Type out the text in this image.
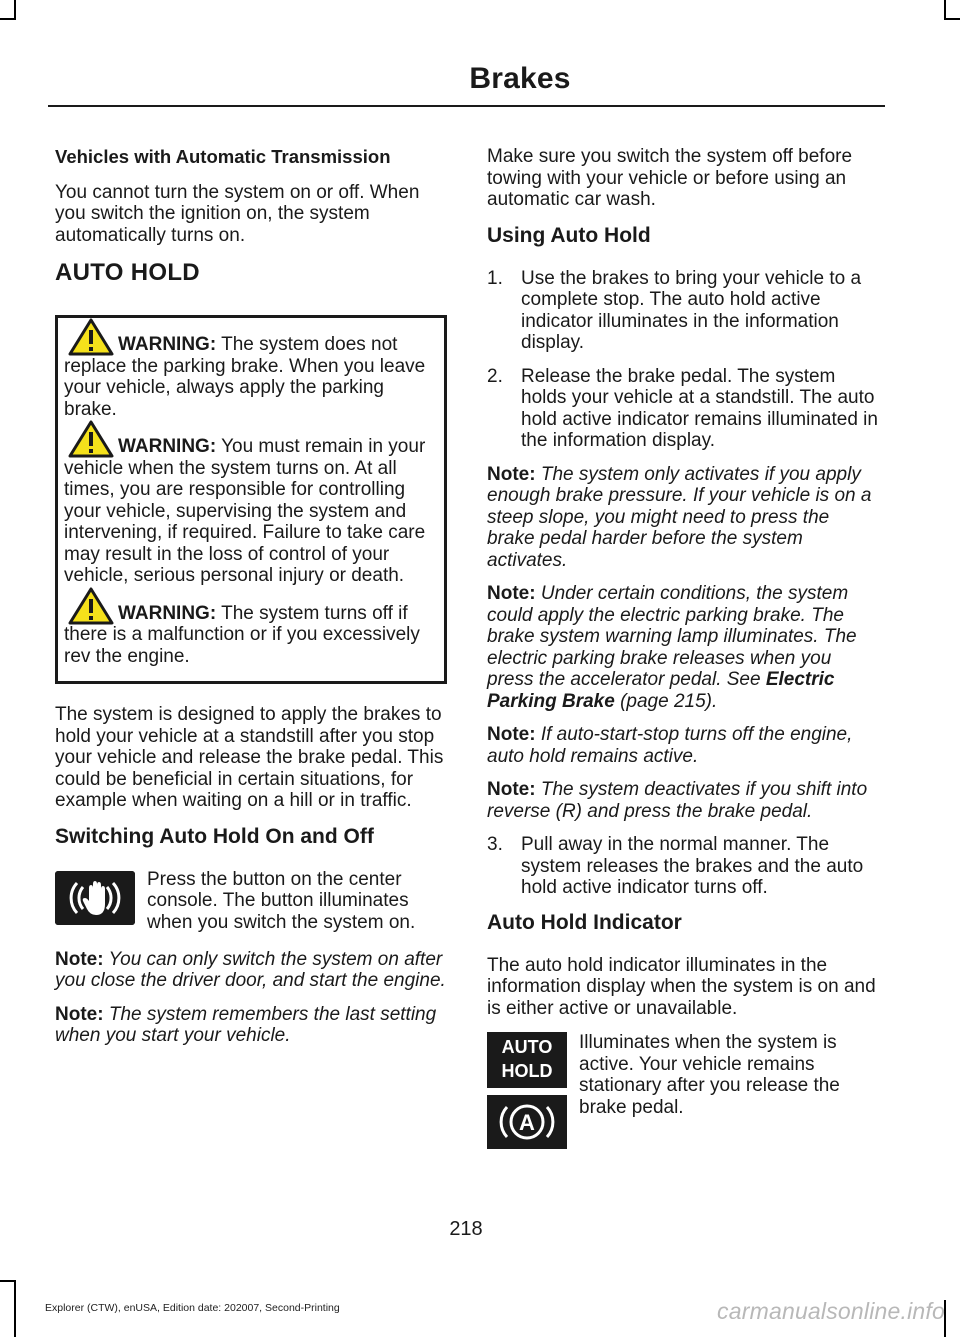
Brakes

Vehicles with Automatic Transmission

You cannot turn the system on or off. When you switch the ignition on, the system automatically turns on.

AUTO HOLD
WARNING: The system does not replace the parking brake. When you leave your vehicle, always apply the parking brake.
WARNING: You must remain in your vehicle when the system turns on. At all times, you are responsible for controlling your vehicle, supervising the system and intervening, if required. Failure to take care may result in the loss of control of your vehicle, serious personal injury or death.
WARNING: The system turns off if there is a malfunction or if you excessively rev the engine.

The system is designed to apply the brakes to hold your vehicle at a standstill after you stop your vehicle and release the brake pedal. This could be beneficial in certain situations, for example when waiting on a hill or in traffic.

Switching Auto Hold On and Off

Press the button on the center console. The button illuminates when you switch the system on.

Note: You can only switch the system on after you close the driver door, and start the engine.

Note: The system remembers the last setting when you start your vehicle.

Make sure you switch the system off before towing with your vehicle or before using an automatic car wash.

Using Auto Hold
1. Use the brakes to bring your vehicle to a complete stop. The auto hold active indicator illuminates in the information display.
2. Release the brake pedal. The system holds your vehicle at a standstill. The auto hold active indicator remains illuminated in the information display.

Note: The system only activates if you apply enough brake pressure. If your vehicle is on a steep slope, you might need to press the brake pedal harder before the system activates.

Note: Under certain conditions, the system could apply the electric parking brake. The brake system warning lamp illuminates. The electric parking brake releases when you press the accelerator pedal. See Electric Parking Brake (page 215).

Note: If auto-start-stop turns off the engine, auto hold remains active.

Note: The system deactivates if you shift into reverse (R) and press the brake pedal.

3. Pull away in the normal manner. The system releases the brakes and the auto hold active indicator turns off.
Auto Hold Indicator

The auto hold indicator illuminates in the information display when the system is on and is either active or unavailable.

AUTO HOLD
A

Illuminates when the system is active. Your vehicle remains stationary after you release the brake pedal.

218
Explorer (CTW), enUSA, Edition date: 202007, Second-Printing	carmanualsonline.info
